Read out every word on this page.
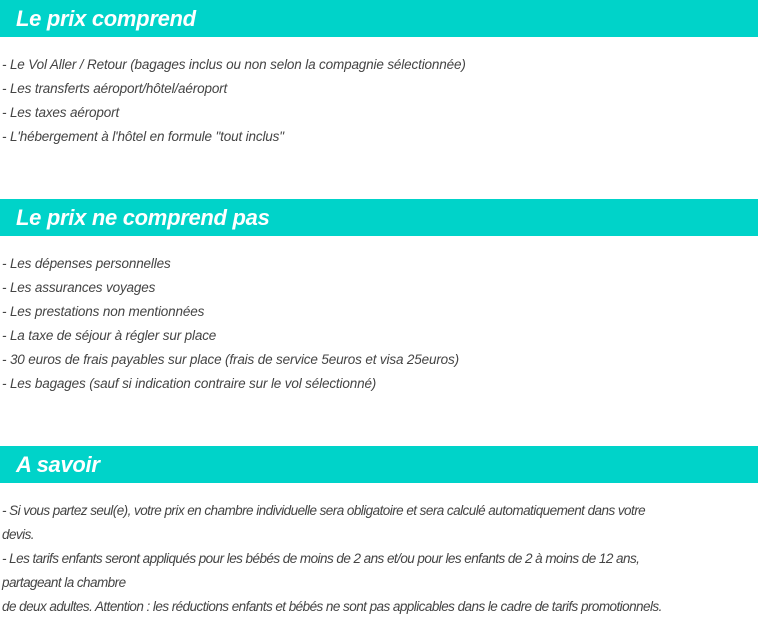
Le prix comprend
- Le Vol Aller / Retour (bagages inclus ou non selon la compagnie sélectionnée)
- Les transferts aéroport/hôtel/aéroport
- Les taxes aéroport
- L'hébergement à l'hôtel en formule "tout inclus"
Le prix ne comprend pas
- Les dépenses personnelles
- Les assurances voyages
- Les prestations non mentionnées
- La taxe de séjour à régler sur place
- 30 euros de frais payables sur place (frais de service 5euros et visa 25euros)
- Les bagages (sauf si indication contraire sur le vol sélectionné)
A savoir
- Si vous partez seul(e), votre prix en chambre individuelle sera obligatoire et sera calculé automatiquement dans votre
devis.
- Les tarifs enfants seront appliqués pour les bébés de moins de 2 ans et/ou pour les enfants de 2 à moins de 12 ans,
partageant la chambre
de deux adultes. Attention : les réductions enfants et bébés ne sont pas applicables dans le cadre de tarifs promotionnels.
